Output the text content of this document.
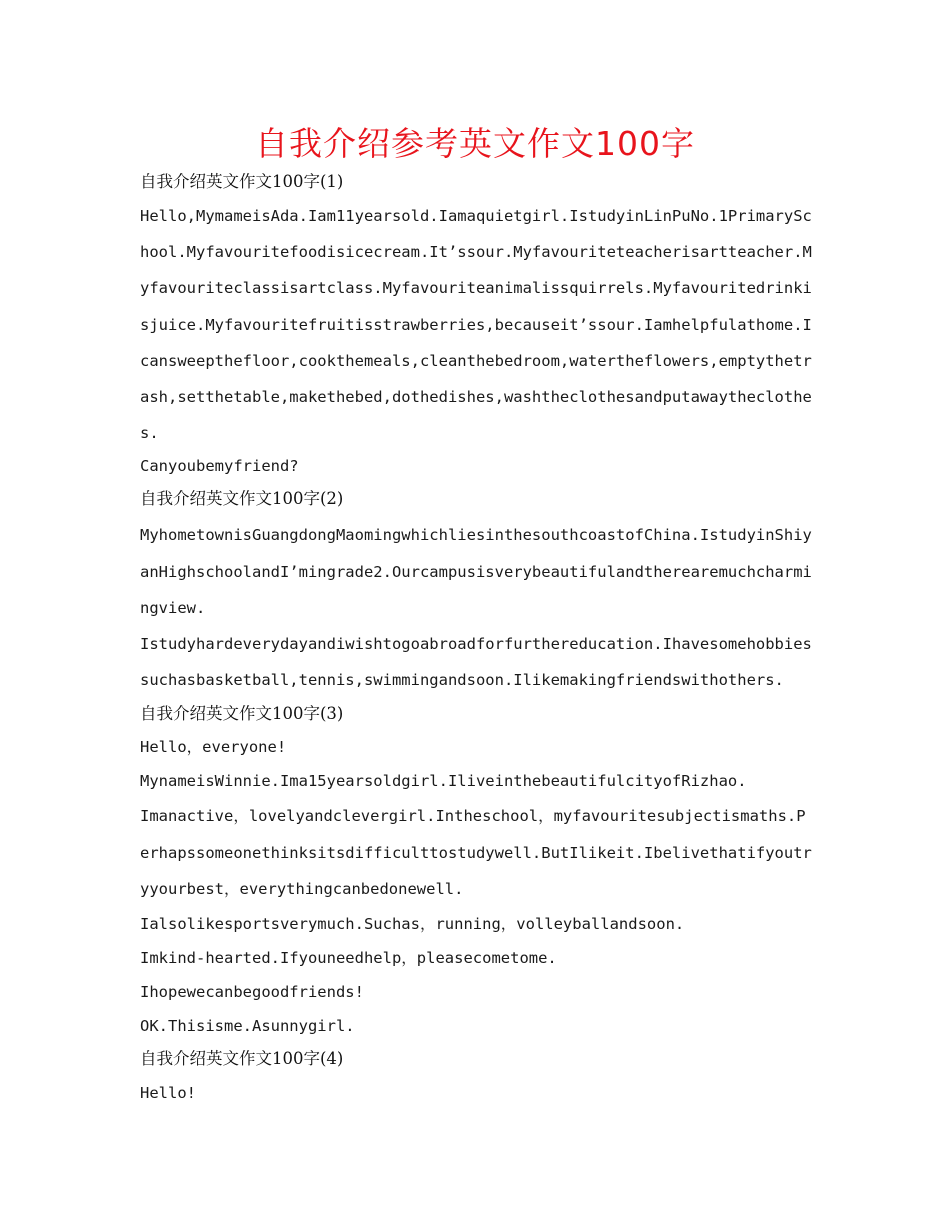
自我介绍参考英文作文100字

自我介绍英文作文100字(1)

Hello,MymameisAda.Iam11yearsold.Iamaquietgirl.IstudyinLinPuNo.1PrimarySchool.Myfavouritefoodisicecream.It’ssour.Myfavouriteteacherisartteacher.Myfavouriteclassisartclass.Myfavouriteanimalissquirrels.Myfavouritedrinkisjuice.Myfavouritefruitisstrawberries,becauseit’ssour.Iamhelpfulathome.Icansweepthefloor,cookthemeals,cleanthebedroom,watertheflowers,emptythetrash,setthetable,makethebed,dothedishes,washtheclothesandputawaytheclothes.

Canyoubemyfriend?

自我介绍英文作文100字(2)

MyhometownisGuangdongMaomingwhichliesinthesouthcoastofChina.IstudyinShiyanHighschoolandI’mingrade2.Ourcampusisverybeautifulandtherearemuchcharmingview.

Istudyhardeverydayandiwishtogoabroadforfurthereducation.Ihavesomehobbiessuchasbasketball,tennis,swimmingandsoon.Ilikemakingfriendswithothers.

自我介绍英文作文100字(3)

Hello，everyone!

MynameisWinnie.Ima15yearsoldgirl.IliveinthebeautifulcityofRizhao.

Imanactive，lovelyandclevergirl.Intheschool，myfavouritesubjectismaths.Perhapssomeonethinksitsdifficulttostudywell.ButIlikeit.Ibelivethatifyoutryyourbest，everythingcanbedonewell.

Ialsolikesportsverymuch.Suchas，running，volleyballandsoon.

Imkind-hearted.Ifyouneedhelp，pleasecometome.

Ihopewecanbegoodfriends!

OK.Thisisme.Asunnygirl.

自我介绍英文作文100字(4)

Hello!
